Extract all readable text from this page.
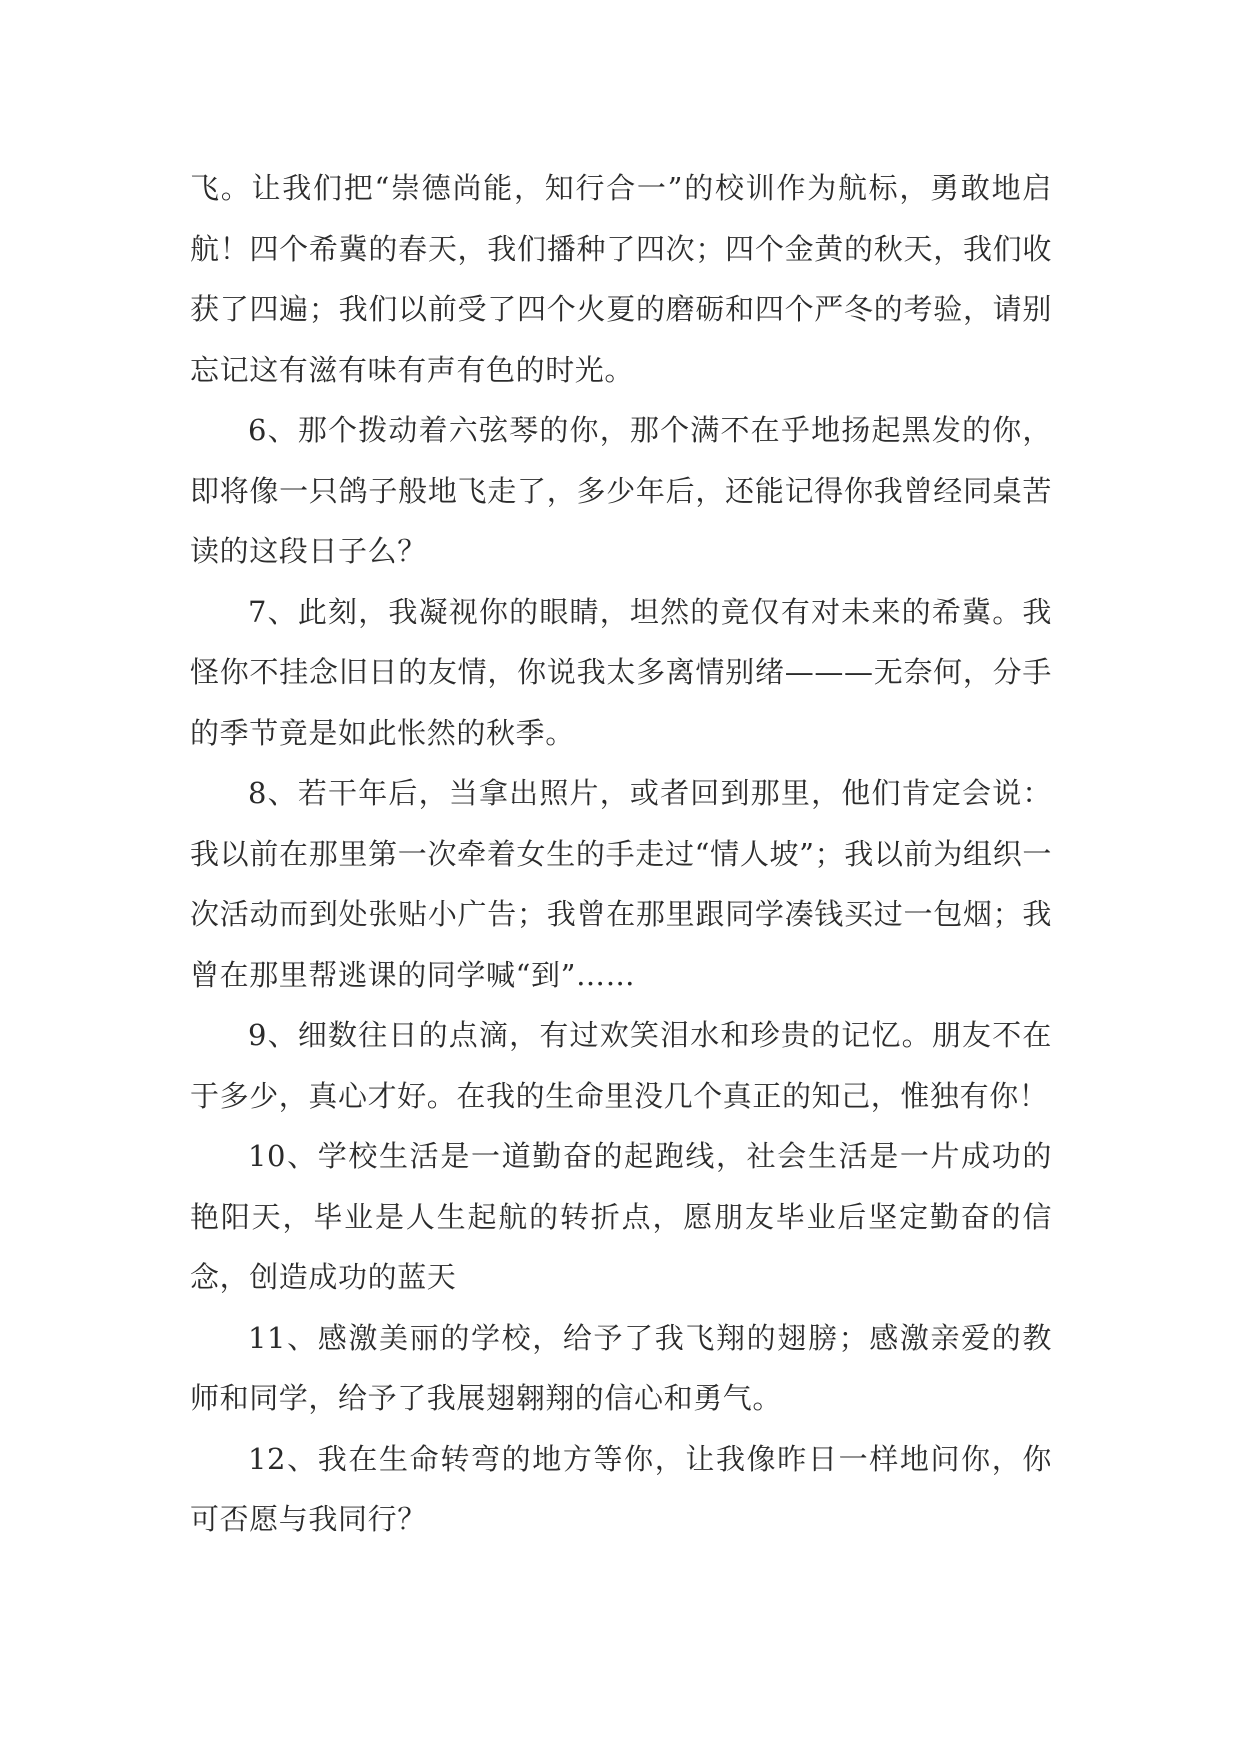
飞。让我们把“崇德尚能，知行合一”的校训作为航标，勇敢地启航！四个希冀的春天，我们播种了四次；四个金黄的秋天，我们收获了四遍；我们以前受了四个火夏的磨砺和四个严冬的考验，请别忘记这有滋有味有声有色的时光。

6、那个拨动着六弦琴的你，那个满不在乎地扬起黑发的你，即将像一只鸽子般地飞走了，多少年后，还能记得你我曾经同桌苦读的这段日子么？

7、此刻，我凝视你的眼睛，坦然的竟仅有对未来的希冀。我怪你不挂念旧日的友情，你说我太多离情别绪———无奈何，分手的季节竟是如此怅然的秋季。

8、若干年后，当拿出照片，或者回到那里，他们肯定会说：我以前在那里第一次牵着女生的手走过“情人坡”；我以前为组织一次活动而到处张贴小广告；我曾在那里跟同学凑钱买过一包烟；我曾在那里帮逃课的同学喊“到”……

9、细数往日的点滴，有过欢笑泪水和珍贵的记忆。朋友不在于多少，真心才好。在我的生命里没几个真正的知己，惟独有你！

10、学校生活是一道勤奋的起跑线，社会生活是一片成功的艳阳天，毕业是人生起航的转折点，愿朋友毕业后坚定勤奋的信念，创造成功的蓝天

11、感激美丽的学校，给予了我飞翔的翅膀；感激亲爱的教师和同学，给予了我展翅翱翔的信心和勇气。

12、我在生命转弯的地方等你，让我像昨日一样地问你，你可否愿与我同行？
